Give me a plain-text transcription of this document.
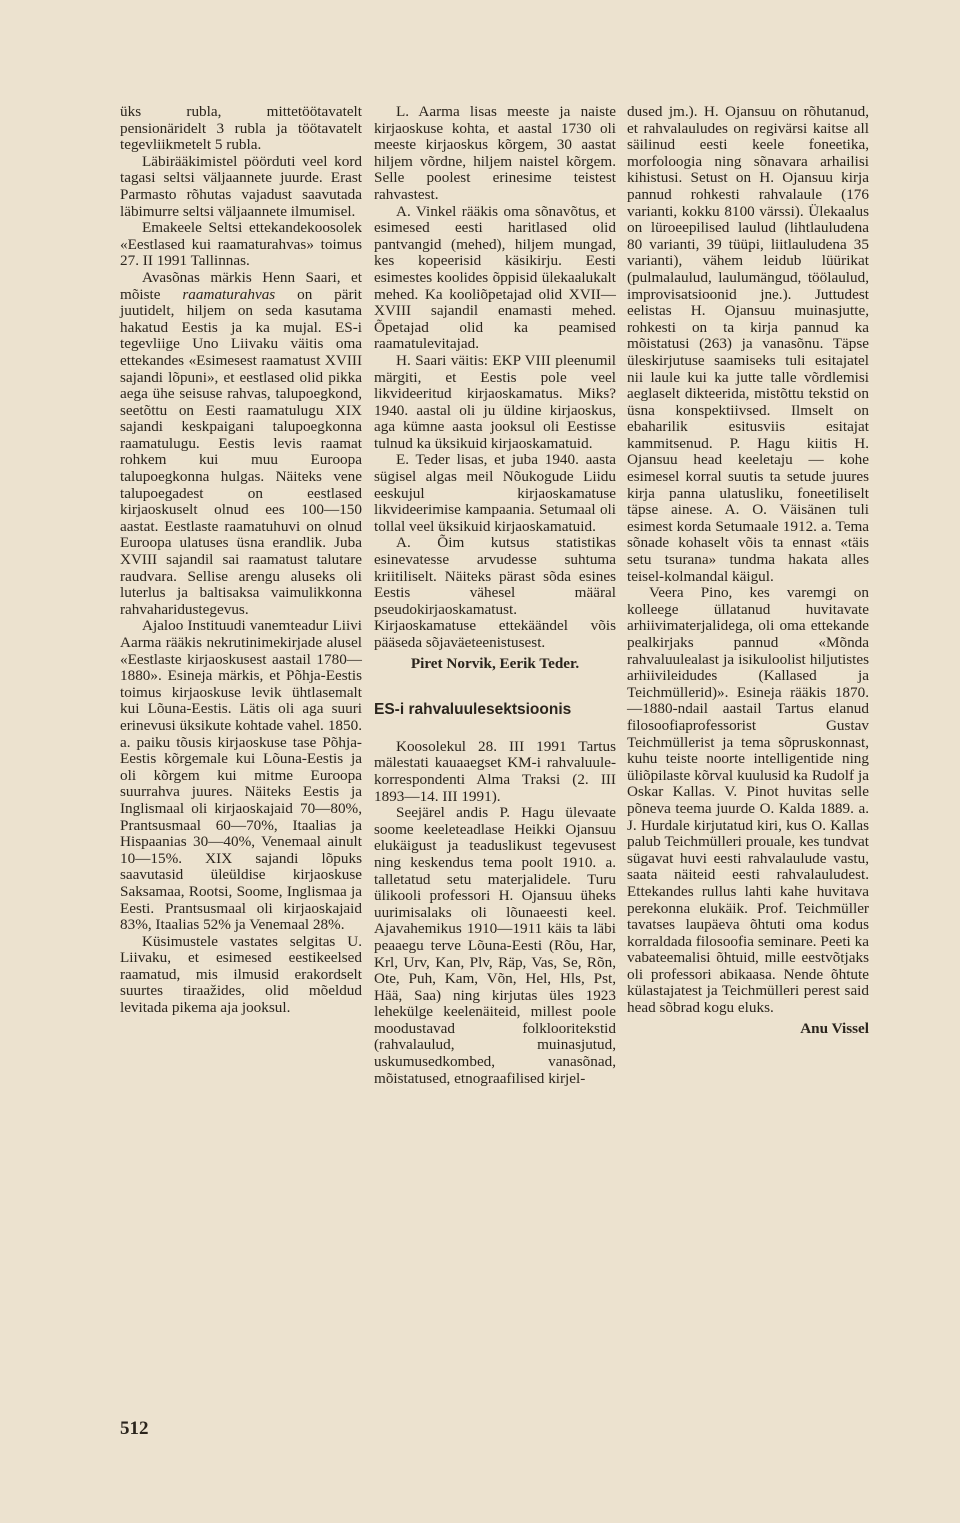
üks rubla, mittetöötavatelt pensionäridelt 3 rubla ja töötavatelt tegevliikmetelt 5 rubla.

Läbirääkimistel pöörduti veel kord tagasi seltsi väljaannete juurde. Erast Parmasto rõhutas vajadust saavutada läbimurre seltsi väljaannete ilmumisel.

Emakeele Seltsi ettekandekoosolek «Eestlased kui raamaturahvas» toimus 27. II 1991 Tallinnas.

Avasõnas märkis Henn Saari, et mõiste raamaturahvas on pärit juutidelt, hiljem on seda kasutama hakatud Eestis ja ka mujal. ES-i tegevliige Uno Liivaku väitis oma ettekandes «Esimesest raamatust XVIII sajandi lõpuni», et eestlased olid pikka aega ühe seisuse rahvas, talupoegkond, seetõttu on Eesti raamatulugu XIX sajandi keskpaigani talupoegkonna raamatulugu. Eestis levis raamat rohkem kui muu Euroopa talupoegkonna hulgas. Näiteks vene talupoegadest on eestlased kirjaoskuselt olnud ees 100—150 aastat. Eestlaste raamatuhuvi on olnud Euroopa ulatuses üsna erandlik. Juba XVIII sajandil sai raamatust talutare raudvara. Sellise arengu aluseks oli luterlus ja baltisaksa vaimulikkonna rahvaharidustegevus.

Ajaloo Instituudi vanemteadur Liivi Aarma rääkis nekrutinimekirjade alusel «Eestlaste kirjaoskusest aastail 1780—1880». Esineja märkis, et Põhja-Eestis toimus kirjaoskuse levik ühtlasemalt kui Lõuna-Eestis. Lätis oli aga suuri erinevusi üksikute kohtade vahel. 1850. a. paiku tõusis kirjaoskuse tase Põhja-Eestis kõrgemale kui Lõuna-Eestis ja oli kõrgem kui mitme Euroopa suurrahva juures. Näiteks Eestis ja Inglismaal oli kirjaoskajaid 70—80%, Prantsusmaal 60—70%, Itaalias ja Hispaanias 30—40%, Venemaal ainult 10—15%. XIX sajandi lõpuks saavutasid üleüldise kirjaoskuse Saksamaa, Rootsi, Soome, Inglismaa ja Eesti. Prantsusmaal oli kirjaoskajaid 83%, Itaalias 52% ja Venemaal 28%.

Küsimustele vastates selgitas U. Liivaku, et esimesed eestikeelsed raamatud, mis ilmusid erakordselt suurtes tiraažides, olid mõeldud levitada pikema aja jooksul.

L. Aarma lisas meeste ja naiste kirjaoskuse kohta, et aastal 1730 oli meeste kirjaoskus kõrgem, 30 aastat hiljem võrdne, hiljem naistel kõrgem. Selle poolest erinesime teistest rahvastest.

A. Vinkel rääkis oma sõnavõtus, et esimesed eesti haritlased olid pantvangid (mehed), hiljem mungad, kes kopeerisid käsikirju. Eesti esimestes koolides õppisid ülekaalukalt mehed. Ka kooliõpetajad olid XVII—XVIII sajandil enamasti mehed. Õpetajad olid ka peamised raamatulevitajad.

H. Saari väitis: EKP VIII pleenumil märgiti, et Eestis pole veel likvideeritud kirjaoskamatus. Miks? 1940. aastal oli ju üldine kirjaoskus, aga kümne aasta jooksul oli Eestisse tulnud ka üksikuid kirjaoskamatuid.

E. Teder lisas, et juba 1940. aasta sügisel algas meil Nõukogude Liidu eeskujul kirjaoskamatuse likvideerimise kampaania. Setumaal oli tollal veel üksikuid kirjaoskamatuid.

A. Õim kutsus statistikas esinevatesse arvudesse suhtuma kriitiliselt. Näiteks pärast sõda esines Eestis vähesel määral pseudokirjaoskamatust. Kirjaoskamatuse ettekäändel võis pääseda sõjaväeteenistusest.

Piret Norvik, Eerik Teder.

ES-i rahvaluulesektsioonis

Koosolekul 28. III 1991 Tartus mälestati kauaaegset KM-i rahvaluule-korrespondenti Alma Traksi (2. III 1893—14. III 1991).

Seejärel andis P. Hagu ülevaate soome keeleteadlase Heikki Ojansuu elukäigust ja teaduslikust tegevusest ning keskendus tema poolt 1910. a. talletatud setu materjalidele. Turu ülikooli professori H. Ojansuu üheks uurimisalaks oli lõunaeesti keel. Ajavahemikus 1910—1911 käis ta läbi peaaegu terve Lõuna-Eesti (Rõu, Har, Krl, Urv, Kan, Plv, Räp, Vas, Se, Rõn, Ote, Puh, Kam, Võn, Hel, Hls, Pst, Hää, Saa) ning kirjutas üles 1923 lehekülge keelenäiteid, millest poole moodustavad folklooritekstid (rahvalaulud, muinasjutud, uskumusedkombed, vanasõnad, mõistatused, etnograafilised kirjel-

dused jm.). H. Ojansuu on rõhutanud, et rahvalauludes on regivärsi kaitse all säilinud eesti keele foneetika, morfoloogia ning sõnavara arhailisi kihistusi. Setust on H. Ojansuu kirja pannud rohkesti rahvalaule (176 varianti, kokku 8100 värssi). Ülekaalus on lüroeepilised laulud (lihtlauludena 80 varianti, 39 tüüpi, liitlauludena 35 varianti), vähem leidub lüürikat (pulmalaulud, laulumängud, töölaulud, improvisatsioonid jne.). Juttudest eelistas H. Ojansuu muinasjutte, rohkesti on ta kirja pannud ka mõistatusi (263) ja vanasõnu. Täpse üleskirjutuse saamiseks tuli esitajatel nii laule kui ka jutte talle võrdlemisi aeglaselt dikteerida, mistõttu tekstid on üsna konspektiivsed. Ilmselt on ebaharilik esitusviis esitajat kammitsenud. P. Hagu kiitis H. Ojansuu head keeletaju — kohe esimesel korral suutis ta setude juures kirja panna ulatusliku, foneetiliselt täpse ainese. A. O. Väisänen tuli esimest korda Setumaale 1912. a. Tema sõnade kohaselt võis ta ennast «täis setu tsurana» tundma hakata alles teisel-kolmandal käigul.

Veera Pino, kes varemgi on kolleege üllatanud huvitavate arhiivimaterjalidega, oli oma ettekande pealkirjaks pannud «Mõnda rahvaluulealast ja isikuloolist hiljutistes arhiivileidudes (Kallased ja Teichmüllerid)». Esineja rääkis 1870.—1880-ndail aastail Tartus elanud filosoofiaprofessorist Gustav Teichmüllerist ja tema sõpruskonnast, kuhu teiste noorte intelligentide ning üliõpilaste kõrval kuulusid ka Rudolf ja Oskar Kallas. V. Pinot huvitas selle põneva teema juurde O. Kalda 1889. a. J. Hurdale kirjutatud kiri, kus O. Kallas palub Teichmülleri prouale, kes tundvat sügavat huvi eesti rahvalaulude vastu, saata näiteid eesti rahvalauludest. Ettekandes rullus lahti kahe huvitava perekonna elukäik. Prof. Teichmüller tavatses laupäeva õhtuti oma kodus korraldada filosoofia seminare. Peeti ka vabateemalisi õhtuid, mille eestvõtjaks oli professori abikaasa. Nende õhtute külastajatest ja Teichmülleri perest said head sõbrad kogu eluks.

Anu Vissel

512
